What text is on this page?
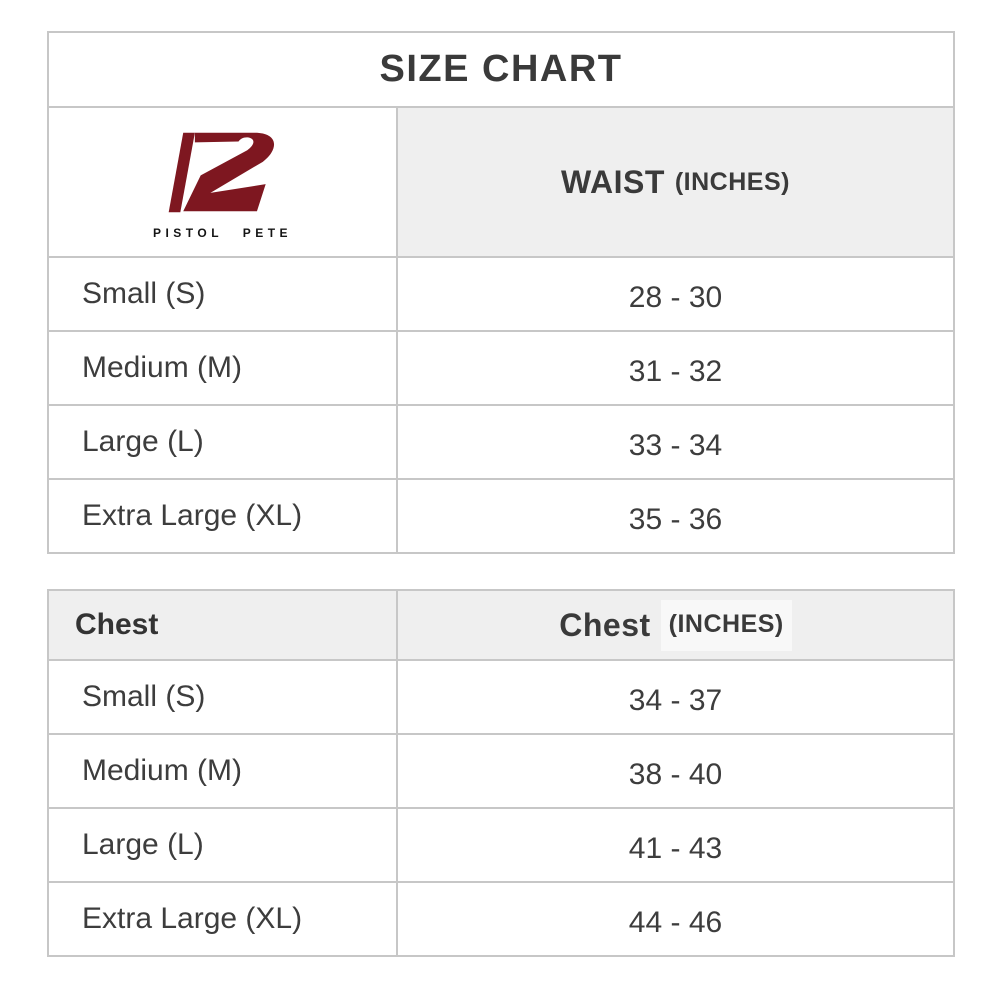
SIZE CHART
PISTOL PETE
WAIST (INCHES)
Small (S)	28 - 30
Medium (M)	31 - 32
Large (L)	33 - 34
Extra Large (XL)	35 - 36
Chest	Chest (INCHES)
Small (S)	34 - 37
Medium (M)	38 - 40
Large (L)	41 - 43
Extra Large (XL)	44 - 46
